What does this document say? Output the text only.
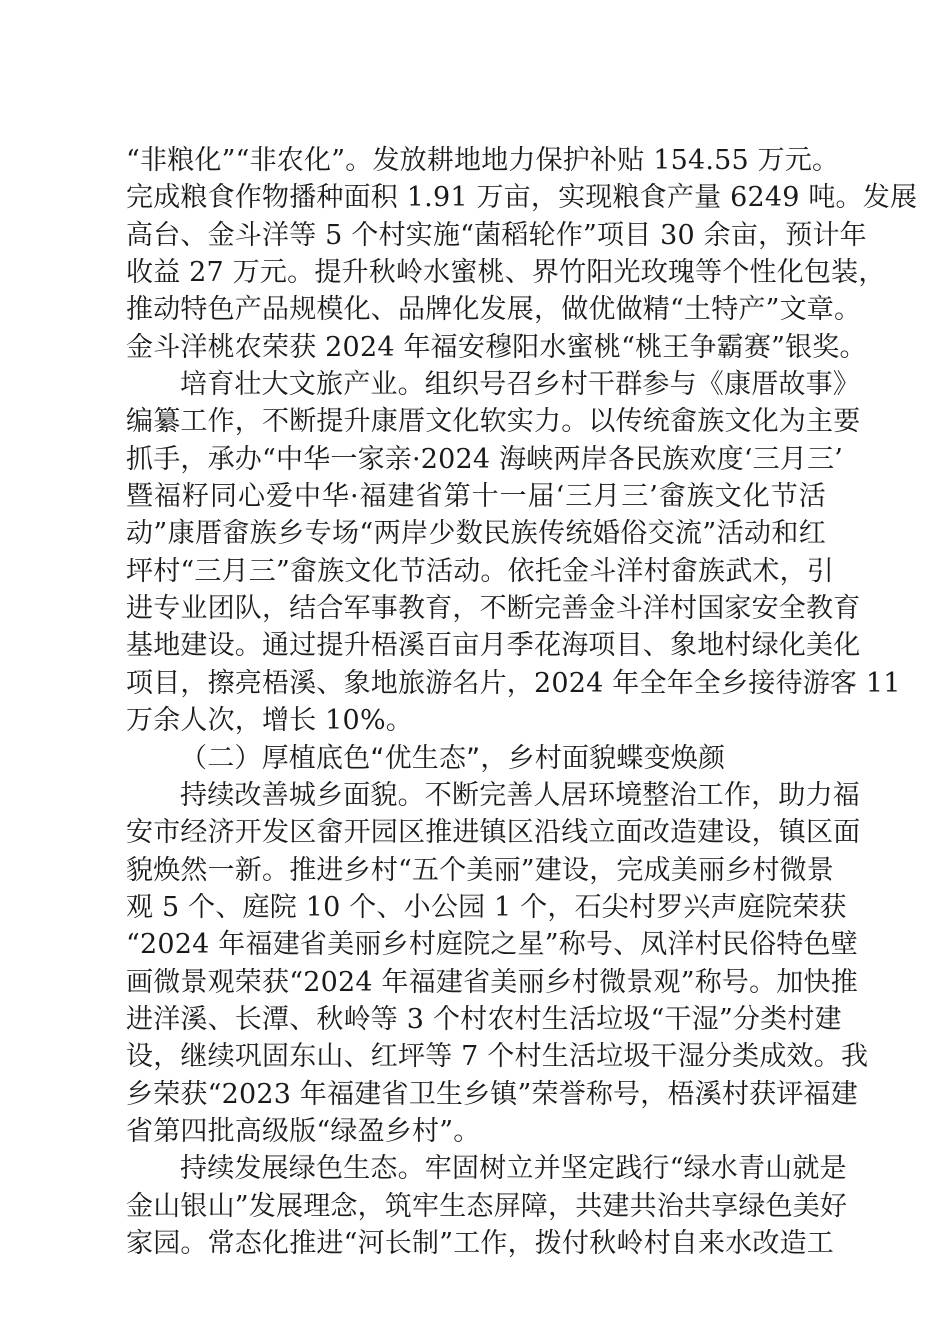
“非粮化”“非农化”。发放耕地地力保护补贴 154.55 万元。
完成粮食作物播种面积 1.91 万亩，实现粮食产量 6249 吨。发展
高台、金斗洋等 5 个村实施“菌稻轮作”项目 30 余亩，预计年
收益 27 万元。提升秋岭水蜜桃、界竹阳光玫瑰等个性化包装，
推动特色产品规模化、品牌化发展，做优做精“土特产”文章。
金斗洋桃农荣获 2024 年福安穆阳水蜜桃“桃王争霸赛”银奖。
培育壮大文旅产业。组织号召乡村干群参与《康厝故事》
编纂工作，不断提升康厝文化软实力。以传统畲族文化为主要
抓手，承办“中华一家亲·2024 海峡两岸各民族欢度‘三月三’
暨福籽同心爱中华·福建省第十一届‘三月三’畲族文化节活
动”康厝畲族乡专场“两岸少数民族传统婚俗交流”活动和红
坪村“三月三”畲族文化节活动。依托金斗洋村畲族武术，引
进专业团队，结合军事教育，不断完善金斗洋村国家安全教育
基地建设。通过提升梧溪百亩月季花海项目、象地村绿化美化
项目，擦亮梧溪、象地旅游名片，2024 年全年全乡接待游客 11
万余人次，增长 10%。
（二）厚植底色“优生态”，乡村面貌蝶变焕颜
持续改善城乡面貌。不断完善人居环境整治工作，助力福
安市经济开发区畲开园区推进镇区沿线立面改造建设，镇区面
貌焕然一新。推进乡村“五个美丽”建设，完成美丽乡村微景
观 5 个、庭院 10 个、小公园 1 个，石尖村罗兴声庭院荣获
“2024 年福建省美丽乡村庭院之星”称号、凤洋村民俗特色壁
画微景观荣获“2024 年福建省美丽乡村微景观”称号。加快推
进洋溪、长潭、秋岭等 3 个村农村生活垃圾“干湿”分类村建
设，继续巩固东山、红坪等 7 个村生活垃圾干湿分类成效。我
乡荣获“2023 年福建省卫生乡镇”荣誉称号，梧溪村获评福建
省第四批高级版“绿盈乡村”。
持续发展绿色生态。牢固树立并坚定践行“绿水青山就是
金山银山”发展理念，筑牢生态屏障，共建共治共享绿色美好
家园。常态化推进“河长制”工作，拨付秋岭村自来水改造工
